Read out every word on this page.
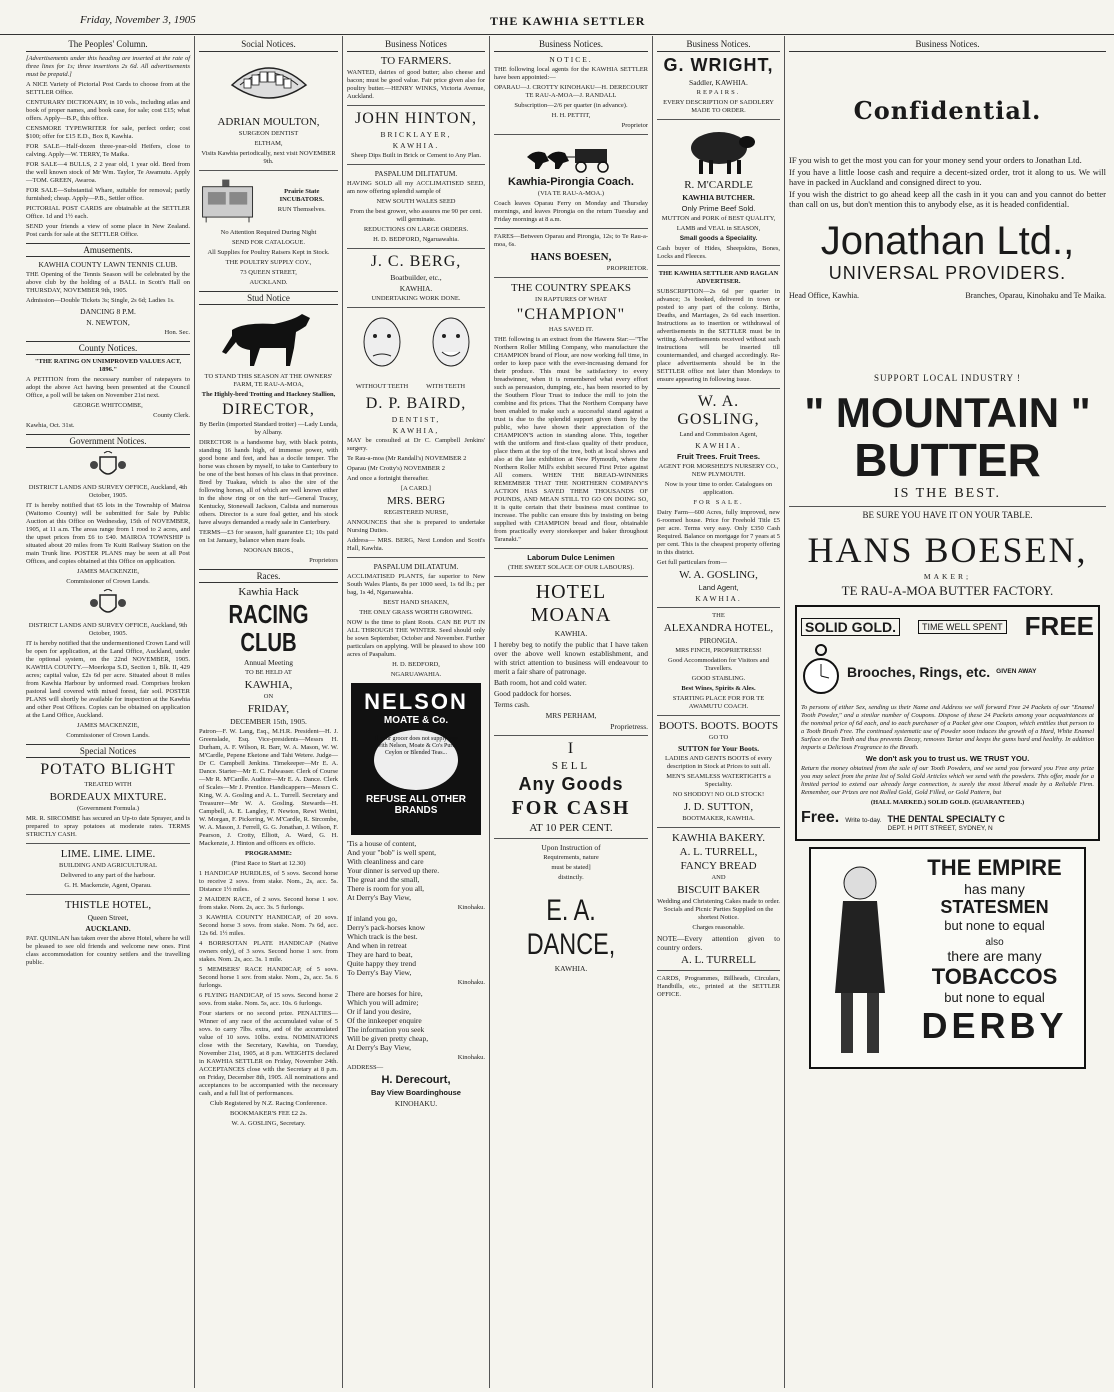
Friday, November 3, 1905	THE KAWHIA SETTLER
The Peoples' Column.

[Advertisements under this heading are inserted at the rate of three lines for 1s; three insertions 2s 6d. All advertisements must be prepaid.]

A NICE Variety of Pictorial Post Cards to choose from at the SETTLER Office.

CENTURARY DICTIONARY, in 10 vols., including atlas and book of proper names, and book case, for sale; cost £15; what offers. Apply—B.P., this office.

CENSMORE TYPEWRITER for sale, perfect order; cost $100; offer for £15 E.D., Box 8, Kawhia.

FOR SALE—Half-dozen three-year-old Heifers, close to calving. Apply—W. TERRY, Te Maika.

FOR SALE—4 BULLS, 2 2 year old, 1 year old. Bred from the well known stock of Mr Wm. Taylor, Te Awamutu. Apply—TOM. GREEN, Awaroa.

FOR SALE—Substantial Whare, suitable for removal; partly furnished; cheap. Apply—P.B., Settler office.

PICTORIAL POST CARDS are obtainable at the SETTLER Office. 1d and 1½ each.

SEND your friends a view of some place in New Zealand. Post cards for sale at the SETTLER Office.

Amusements.
KAWHIA COUNTY LAWN TENNIS CLUB.

THE Opening of the Tennis Season will be celebrated by the above club by the holding of a BALL in Scott's Hall on THURSDAY, NOVEMBER 9th, 1905.

Admission—Double Tickets 3s; Single, 2s 6d; Ladies 1s.

DANCING 8 P.M.
N. NEWTON,
Hon. Sec.
County Notices.

"THE RATING ON UNIMPROVED VALUES ACT, 1896."

A PETITION from the necessary number of ratepayers to adopt the above Act having been presented at the Council Office, a poll will be taken on November 21st next.

GEORGE WHITCOMBE,
County Clerk.
Kawhia, Oct. 31st.
Government Notices.

DISTRICT LANDS AND SURVEY OFFICE, Auckland, 4th October, 1905.

IT is hereby notified that 65 lots in the Township of Mairoa (Waitomo County) will be submitted for Sale by Public Auction at this Office on Wednesday, 15th of NOVEMBER, 1905, at 11 a.m. The areas range from 1 rood to 2 acres, and the upset prices from £6 to £40. MAIROA TOWNSHIP is situated about 20 miles from Te Kuiti Railway Station on the main Trunk line. POSTER PLANS may be seen at all Post Offices, and copies obtained at this Office on application.

JAMES MACKENZIE,
Commissioner of Crown Lands.

DISTRICT LANDS AND SURVEY OFFICE, Auckland, 9th October, 1905.

IT is hereby notified that the undermentioned Crown Land will be open for application, at the Land Office, Auckland, under the optional system, on the 22nd NOVEMBER, 1905. KAWHIA COUNTY.—Moerkopa S.D, Section 1, Blk. II, 429 acres; capital value, £2s 6d per acre. Situated about 8 miles from Kawhia Harbour by unformed road. Comprises broken pastoral land covered with mixed forest, fair soil. POSTER PLANS will shortly be available for inspection at the Kawhia and other Post Offices. Copies can be obtained on application at the Land Office, Auckland.

JAMES MACKENZIE,
Commissioner of Crown Lands.
Special Notices
POTATO BLIGHT
TREATED WITH
BORDEAUX MIXTURE.
(Government Formula.)

MR. R. SIRCOMBE has secured an Up-to date Sprayer, and is prepared to spray potatoes at moderate rates. TERMS STRICTLY CASH.

LIME. LIME. LIME.
BUILDING AND AGRICULTURAL
Delivered to any part of the harbour.
G. H. Mackenzie, Agent, Oparau.
THISTLE HOTEL,
Queen Street,
AUCKLAND.

PAT. QUINLAN has taken over the above Hotel, where he will be pleased to see old friends and welcome new ones. First class accommodation for country settlers and the travelling public.

Social Notices.
ADRIAN MOULTON,
SURGEON DENTIST
ELTHAM,

Visits Kawhia periodically, next visit NOVEMBER 9th.

Prairie State INCUBATORS.
RUN Themselves.
No Attention Required During Night
SEND FOR CATALOGUE.
All Supplies for Poultry Raisers Kept in Stock.
THE POULTRY SUPPLY COY.,
73 QUEEN STREET,
AUCKLAND.
Stud Notice

TO STAND THIS SEASON AT THE OWNERS' FARM, TE RAU-A-MOA,

The Highly-bred Trotting and Hackney Stallion,
DIRECTOR,
By Berlin (imported Standard trotter) —Lady Lunda, by Albany.

DIRECTOR is a handsome bay, with black points, standing 16 hands high, of immense power, with good bone and feet, and has a docile temper. The horse was chosen by myself, to take to Canterbury to be one of the best horses of his class in that province. Bred by Tuakau, which is also the sire of the following horses, all of which are well known either in the show ring or on the turf—General Tracey, Kentucky, Stonewall Jackson, Calista and numerous others. Director is a sure foal getter, and his stock have always demanded a ready sale in Canterbury.

TERMS—£3 for season, half guarantee £1; 10s paid on 1st January, balance when mare foals.

NOONAN BROS.,
Proprietors
Races.
Kawhia Hack
RACING CLUB
Annual Meeting
TO BE HELD AT
KAWHIA,
ON
FRIDAY,
DECEMBER 15th, 1905.

Patron—F. W. Lang, Esq., M.H.R. President—H. J. Greenslade, Esq. Vice-presidents—Messrs H. Durham, A. F. Wilson, R. Barr, W. A. Mason, W. W. M'Cardle, Pepene Eketone and Tahi Wetere. Judge—Dr C. Campbell Jenkins. Timekeeper—Mr E. A. Dance. Starter—Mr E. C. Falwasser. Clerk of Course—Mr R. M'Cardle. Auditor—Mr E. A. Dance. Clerk of Scales—Mr J. Prentice. Handicappers—Messrs C. King, W. A. Gosling and A. L. Turrell. Secretary and Treasurer—Mr W. A. Gosling. Stewards—H. Campbell, A. E. Langley, F. Newton, Rewi Wetini, W. Morgan, F. Pickering, W. M'Cardle, R. Sircombe, W. A. Mason, J. Ferrell, G. G. Jonathan, J. Wilson, F. Pearson, J. Crotty, Elliott, A. Ward, G. H. Mackenzie, J. Hinton and officers ex officio.

PROGRAMME:
(First Race to Start at 12.30)
1 HANDICAP HURDLES, of 5 sovs. Second horse to receive 2 sovs. from stake. Nom., 2s, acc. 5s. Distance 1½ miles.
2 MAIDEN RACE, of 2 sovs. Second horse 1 sov. from stake. Nom. 2s, acc. 3s. 5 furlongs.
3 KAWHIA COUNTY HANDICAP, of 20 sovs. Second horse 3 sovs. from stake. Nom. 7s 6d, acc. 12s 6d. 1½ miles.
4 BORRSOTAN PLATE HANDICAP (Native owners only), of 3 sovs. Second horse 1 sov. from stakes. Nom. 2s, acc. 3s. 1 mile.
5 MEMBERS' RACE HANDICAP, of 5 sovs. Second horse 1 sov. from stake. Nom., 2s, acc. 5s. 6 furlongs.
6 FLYING HANDICAP, of 15 sovs. Second horse 2 sovs. from stake. Nom. 5s, acc. 10s. 6 furlongs.

Four starters or no second prize. PENALTIES—Winner of any race of the accumulated value of 5 sovs. to carry 7lbs. extra, and of the accumulated value of 10 sovs. 10lbs. extra. NOMINATIONS close with the Secretary, Kawhia, on Tuesday, November 21st, 1905, at 8 p.m. WEIGHTS declared in KAWHIA SETTLER on Friday, November 24th. ACCEPTANCES close with the Secretary at 8 p.m. on Friday, December 8th, 1905. All nominations and acceptances to be accompanied with the necessary cash, and a full list of performances.

Club Registered by N.Z. Racing Conference.
BOOKMAKER'S FEE £2 2s.
W. A. GOSLING, Secretary.
Business Notices
TO FARMERS.

WANTED, dairies of good butter; also cheese and bacon; must be good value. Fair price given also for poultry butter.—HENRY WINKS, Victoria Avenue, Auckland.

JOHN HINTON,
BRICKLAYER,
KAWHIA.
Sheep Dips Built in Brick or Cement to Any Plan.
PASPALUM DILITATUM.

HAVING SOLD all my ACCLIMATISED SEED, am now offering splendid sample of

NEW SOUTH WALES SEED
From the best grower, who assures me 90 per cent. will germinate.
REDUCTIONS ON LARGE ORDERS.
H. D. BEDFORD, Ngaruawahia.
J. C. BERG,
Boatbuilder, etc.,
KAWHIA.
UNDERTAKING WORK DONE.
WITHOUT TEETH	WITH TEETH
D. P. BAIRD,
DENTIST,
KAWHIA,

MAY be consulted at Dr C. Campbell Jenkins' surgery.

Te Rau-a-moa (Mr Randall's) NOVEMBER 2

Oparau (Mr Crotty's) NOVEMBER 2

And once a fortnight thereafter.

[A CARD.]
MRS. BERG
REGISTERED NURSE,

ANNOUNCES that she is prepared to undertake Nursing Duties.

Address— MRS. BERG, Next London and Scott's Hall, Kawhia.

PASPALUM DILATATUM.

ACCLIMATISED PLANTS, far superior to New South Wales Plants, 8s per 1000 seed, 1s 6d lb.; per bag, 1s 4d, Ngaruawahia.

BEST HAND SHAKEN,
THE ONLY GRASS WORTH GROWING.

NOW is the time to plant Roots. CAN BE PUT IN ALL THROUGH THE WINTER. Seed should only be sown September, October and November. Further particulars on applying. Will be pleased to show 100 acres of Paspalum.

H. D. BEDFORD,
NGARUAWAHIA.
NELSON
MOATE & Co.
If your grocer does not supply you with Nelson, Moate & Co's Pure Ceylon or Blended Teas...
REFUSE ALL OTHER BRANDS
'Tis a house of content,
And your "bob" is well spent,
With cleanliness and care
Your dinner is served up there.
The great and the small,
There is room for you all,
At Derry's Bay View,
Kinohaku.
If inland you go,
Derry's pack-horses know
Which track is the best.
And when in retreat
They are hard to beat,
Quite happy they trend
To Derry's Bay View,
Kinohaku.
There are horses for hire,
Which you will admire;
Or if land you desire,
Of the innkeeper enquire
The information you seek
Will be given pretty cheap,
At Derry's Bay View,
Kinohaku.
ADDRESS—
H. Derecourt,
Bay View Boardinghouse
KINOHAKU.
Business Notices.
NOTICE.

THE following local agents for the KAWHIA SETTLER have been appointed:—

OPARAU—J. CROTTY KINOHAKU—H. DERECOURT TE RAU-A-MOA—J. RANDALL

Subscription—2/6 per quarter (in advance).

H. H. PETTIT,
Proprietor
Kawhia-Pirongia Coach.
(VIA TE RAU-A-MOA.)

Coach leaves Oparau Ferry on Monday and Thursday mornings, and leaves Pirongia on the return Tuesday and Friday mornings at 8 a.m.

FARES—Between Oparau and Pirongia, 12s; to Te Rau-a-moa, 6s.

HANS BOESEN,
PROPRIETOR.
THE COUNTRY SPEAKS
IN RAPTURES OF WHAT
"CHAMPION"
HAS SAVED IT.

THE following is an extract from the Hawera Star:—"The Northern Roller Milling Company, who manufacture the CHAMPION brand of Flour, are now working full time, in order to keep pace with the ever-increasing demand for their produce. This must be satisfactory to every breadwinner, when it is remembered what every effort such as persuasion, dumping, etc., has been resorted to by the Southern Flour Trust to induce the mill to join the combine and fix prices. That the Northern Company have been enabled to make such a successful stand against a trust is due to the splendid support given them by the public, who have shown their appreciation of the CHAMPION'S action in standing alone. This, together with the uniform and first-class quality of their produce, place them at the top of the tree, both at local shows and also at the late exhibition at New Plymouth, where the Northern Roller Mill's exhibit secured First Prize against All comers. WHEN THE BREAD-WINNERS REMEMBER THAT THE NORTHERN COMPANY'S ACTION HAS SAVED THEM THOUSANDS OF POUNDS, AND MEAN STILL TO GO ON DOING SO, it is quite certain that their business must continue to increase. The public can ensure this by insisting on being supplied with CHAMPION bread and flour, obtainable from practically every storekeeper and baker throughout Taranaki."

Laborum Dulce Lenimen
(THE SWEET SOLACE OF OUR LABOURS).
HOTEL MOANA
KAWHIA.

I hereby beg to notify the public that I have taken over the above well known establishment, and with strict attention to business will endeavour to merit a fair share of patronage.

Bath room, hot and cold water.

Good paddock for horses.

Terms cash.

MRS PERHAM,
Proprietress.
I
SELL
Any Goods
FOR CASH
AT 10 PER CENT.
Upon Instruction of
Requirements, nature
must be stated]
distinctly.
E. A. DANCE,
KAWHIA.
Business Notices.
G. WRIGHT,
Saddler, KAWHIA.
REPAIRS.
EVERY DESCRIPTION OF SADDLERY MADE TO ORDER.
R. M'CARDLE
KAWHIA BUTCHER.
Only Prime Beef Sold.
MUTTON and PORK of BEST QUALITY,
LAMB and VEAL in SEASON,
Small goods a Speciality.

Cash buyer of Hides, Sheepskins, Bones, Locks and Fleeces.

THE KAWHIA SETTLER AND RAGLAN ADVERTISER.

SUBSCRIPTION—2s 6d per quarter in advance; 3s booked, delivered in town or posted to any part of the colony. Births, Deaths, and Marriages, 2s 6d each insertion. Instructions as to insertion or withdrawal of advertisements in the SETTLER must be in writing. Advertisements received without such instructions will be inserted till countermanded, and charged accordingly. Re-place advertisements should be in the SETTLER office not later than Mondays to ensure appearing in following issue.

W. A. GOSLING,
Land and Commission Agent,
KAWHIA.
Fruit Trees. Fruit Trees.
AGENT FOR MORSHED'S NURSERY CO., NEW PLYMOUTH.
Now is your time to order. Catalogues on application.
FOR SALE.

Dairy Farm—600 Acres, fully improved, new 6-roomed house. Price for Freehold Title £5 per acre. Terms very easy. Only £350 Cash Required. Balance on mortgage for 7 years at 5 per cent. This is the cheapest property offering in this district.

Get full particulars from—
W. A. GOSLING,
Land Agent,
KAWHIA.
THE
ALEXANDRA HOTEL,
PIRONGIA.
MRS FINCH, PROPRIETRESS!
Good Accommodation for Visitors and Travellers.
GOOD STABLING.
Best Wines, Spirits & Ales.
STARTING PLACE FOR FOR TE AWAMUTU COACH.
BOOTS. BOOTS. BOOTS
GO TO
SUTTON for Your Boots.
LADIES AND GENTS BOOTS of every description in Stock at Prices to suit all.
MEN'S SEAMLESS WATERTIGHTS a Speciality.
NO SHODDY! NO OLD STOCK!
J. D. SUTTON,
BOOTMAKER, KAWHIA.
KAWHIA BAKERY.
A. L. TURRELL,
FANCY BREAD
AND
BISCUIT BAKER

Wedding and Christening Cakes made to order. Socials and Picnic Parties Supplied on the shortest Notice.

Charges reasonable.

NOTE—Every attention given to country orders.

A. L. TURRELL

CARDS, Programmes, Billheads, Circulars, Handbills, etc., printed at the SETTLER OFFICE.

Business Notices.
Confidential.

IF you wish to get the most you can for your money send your orders to Jonathan Ltd.

If you have a little loose cash and require a decent-sized order, trot it along to us. We will have in packed in Auckland and consigned direct to you.

If you wish the district to go ahead keep all the cash in it you can and you cannot do better than call on us, but don't mention this to anybody else, as it is headed confidential.

Jonathan Ltd.,
UNIVERSAL PROVIDERS.
Head Office, Kawhia.	Branches, Oparau, Kinohaku and Te Maika.
SUPPORT LOCAL INDUSTRY !
" MOUNTAIN "
BUTTER
IS THE BEST.
BE SURE YOU HAVE IT ON YOUR TABLE.
HANS BOESEN,
MAKER;
TE RAU-A-MOA BUTTER FACTORY.
SOLID GOLD.	TIME WELL SPENT FREE
Brooches, Rings, etc. GIVEN AWAY

To persons of either Sex, sending us their Name and Address we will forward Free 24 Packets of our "Enamel Tooth Powder," and a similar number of Coupons. Dispose of these 24 Packets among your acquaintances at the nominal price of 6d each, and to each purchaser of a Packet give one Coupon, which entitles that person to a Tooth Brush Free. The continued systematic use of Powder soon induces the growth of a Hard, White Enamel Surface on the Teeth and thus prevents Decay, removes Tartar and keeps the gums hard and healthy. In addition imparts a Delicious Fragrance to the Breath.

We don't ask you to trust us. WE TRUST YOU.

Return the money obtained from the sale of our Tooth Powders, and we send you forward you Free any prize you may select from the prize list of Solid Gold Articles which we send with the powders. This offer, made for a limited period to extend our already large connection, is surely the most liberal made by a Reliable Firm. Remember, our Prizes are not Rolled Gold, Gold Filled, or Gold Pattern, but

(HALL MARKED.) SOLID GOLD. (GUARANTEED.)
Free. Write to-day. THE DENTAL SPECIALTY C
DEPT. H PITT STREET, SYDNEY, N
THE EMPIRE
has many
STATESMEN
but none to equal
also
there are many
TOBACCOS
but none to equal
DERBY
